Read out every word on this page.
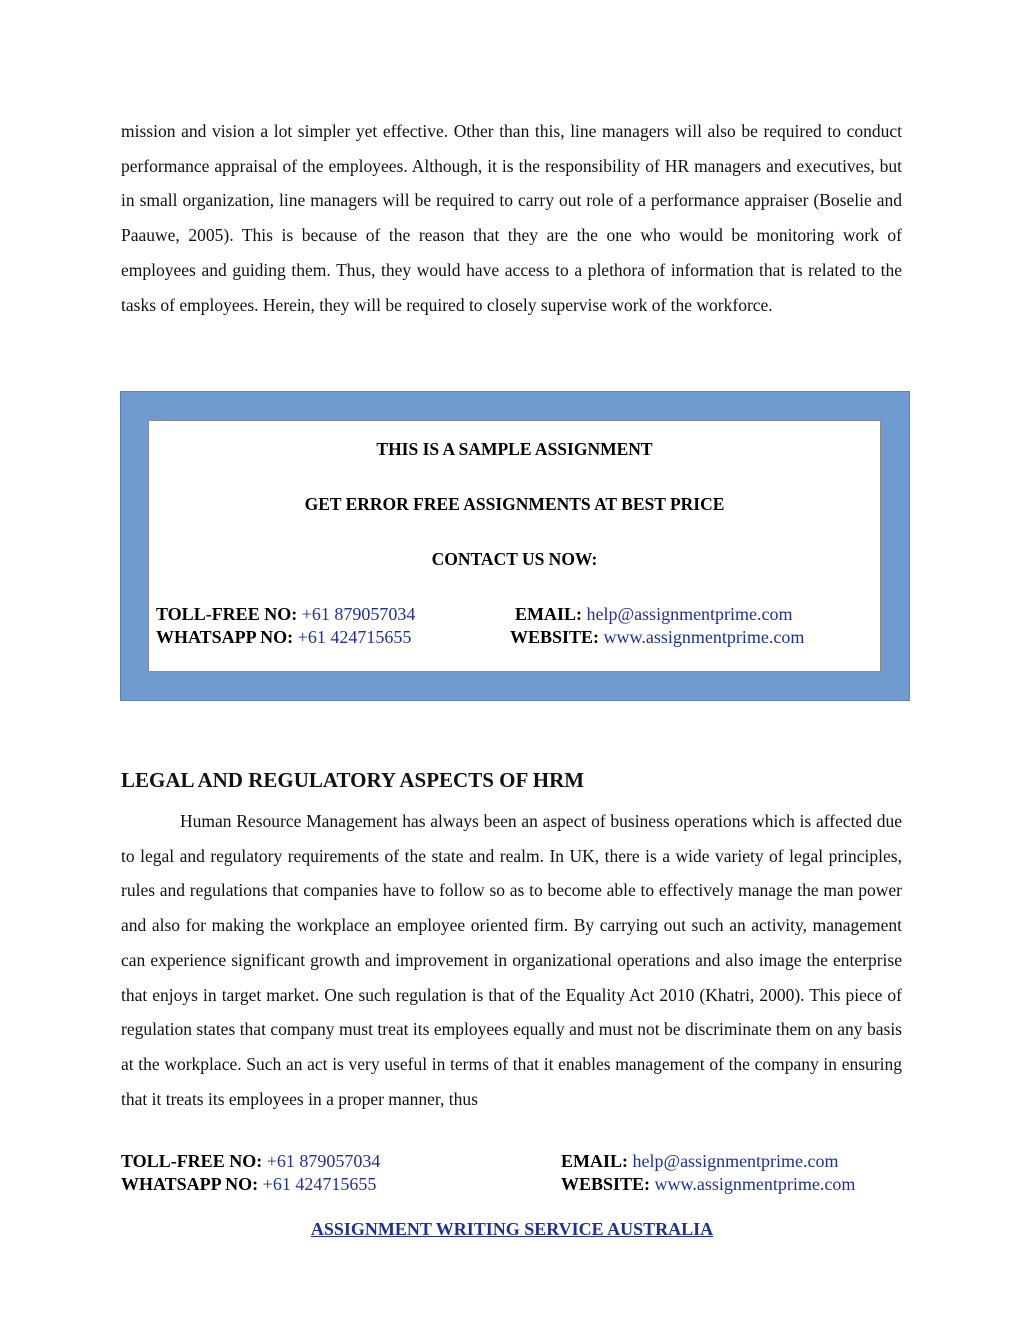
mission and vision a lot simpler yet effective. Other than this, line managers will also be required to conduct performance appraisal of the employees. Although, it is the responsibility of HR managers and executives, but in small organization, line managers will be required to carry out role of a performance appraiser (Boselie and Paauwe, 2005). This is because of the reason that they are the one who would be monitoring work of employees and guiding them. Thus, they would have access to a plethora of information that is related to the tasks of employees. Herein, they will be required to closely supervise work of the workforce.

THIS IS A SAMPLE ASSIGNMENT
GET ERROR FREE ASSIGNMENTS AT BEST PRICE
CONTACT US NOW:
TOLL-FREE NO: +61 879057034	EMAIL: help@assignmentprime.com
WHATSAPP NO: +61 424715655	WEBSITE: www.assignmentprime.com
LEGAL AND REGULATORY ASPECTS OF HRM

Human Resource Management has always been an aspect of business operations which is affected due to legal and regulatory requirements of the state and realm. In UK, there is a wide variety of legal principles, rules and regulations that companies have to follow so as to become able to effectively manage the man power and also for making the workplace an employee oriented firm. By carrying out such an activity, management can experience significant growth and improvement in organizational operations and also image the enterprise that enjoys in target market. One such regulation is that of the Equality Act 2010 (Khatri, 2000). This piece of regulation states that company must treat its employees equally and must not be discriminate them on any basis at the workplace. Such an act is very useful in terms of that it enables management of the company in ensuring that it treats its employees in a proper manner, thus

TOLL-FREE NO: +61 879057034	EMAIL: help@assignmentprime.com
WHATSAPP NO: +61 424715655	WEBSITE: www.assignmentprime.com
ASSIGNMENT WRITING SERVICE AUSTRALIA
